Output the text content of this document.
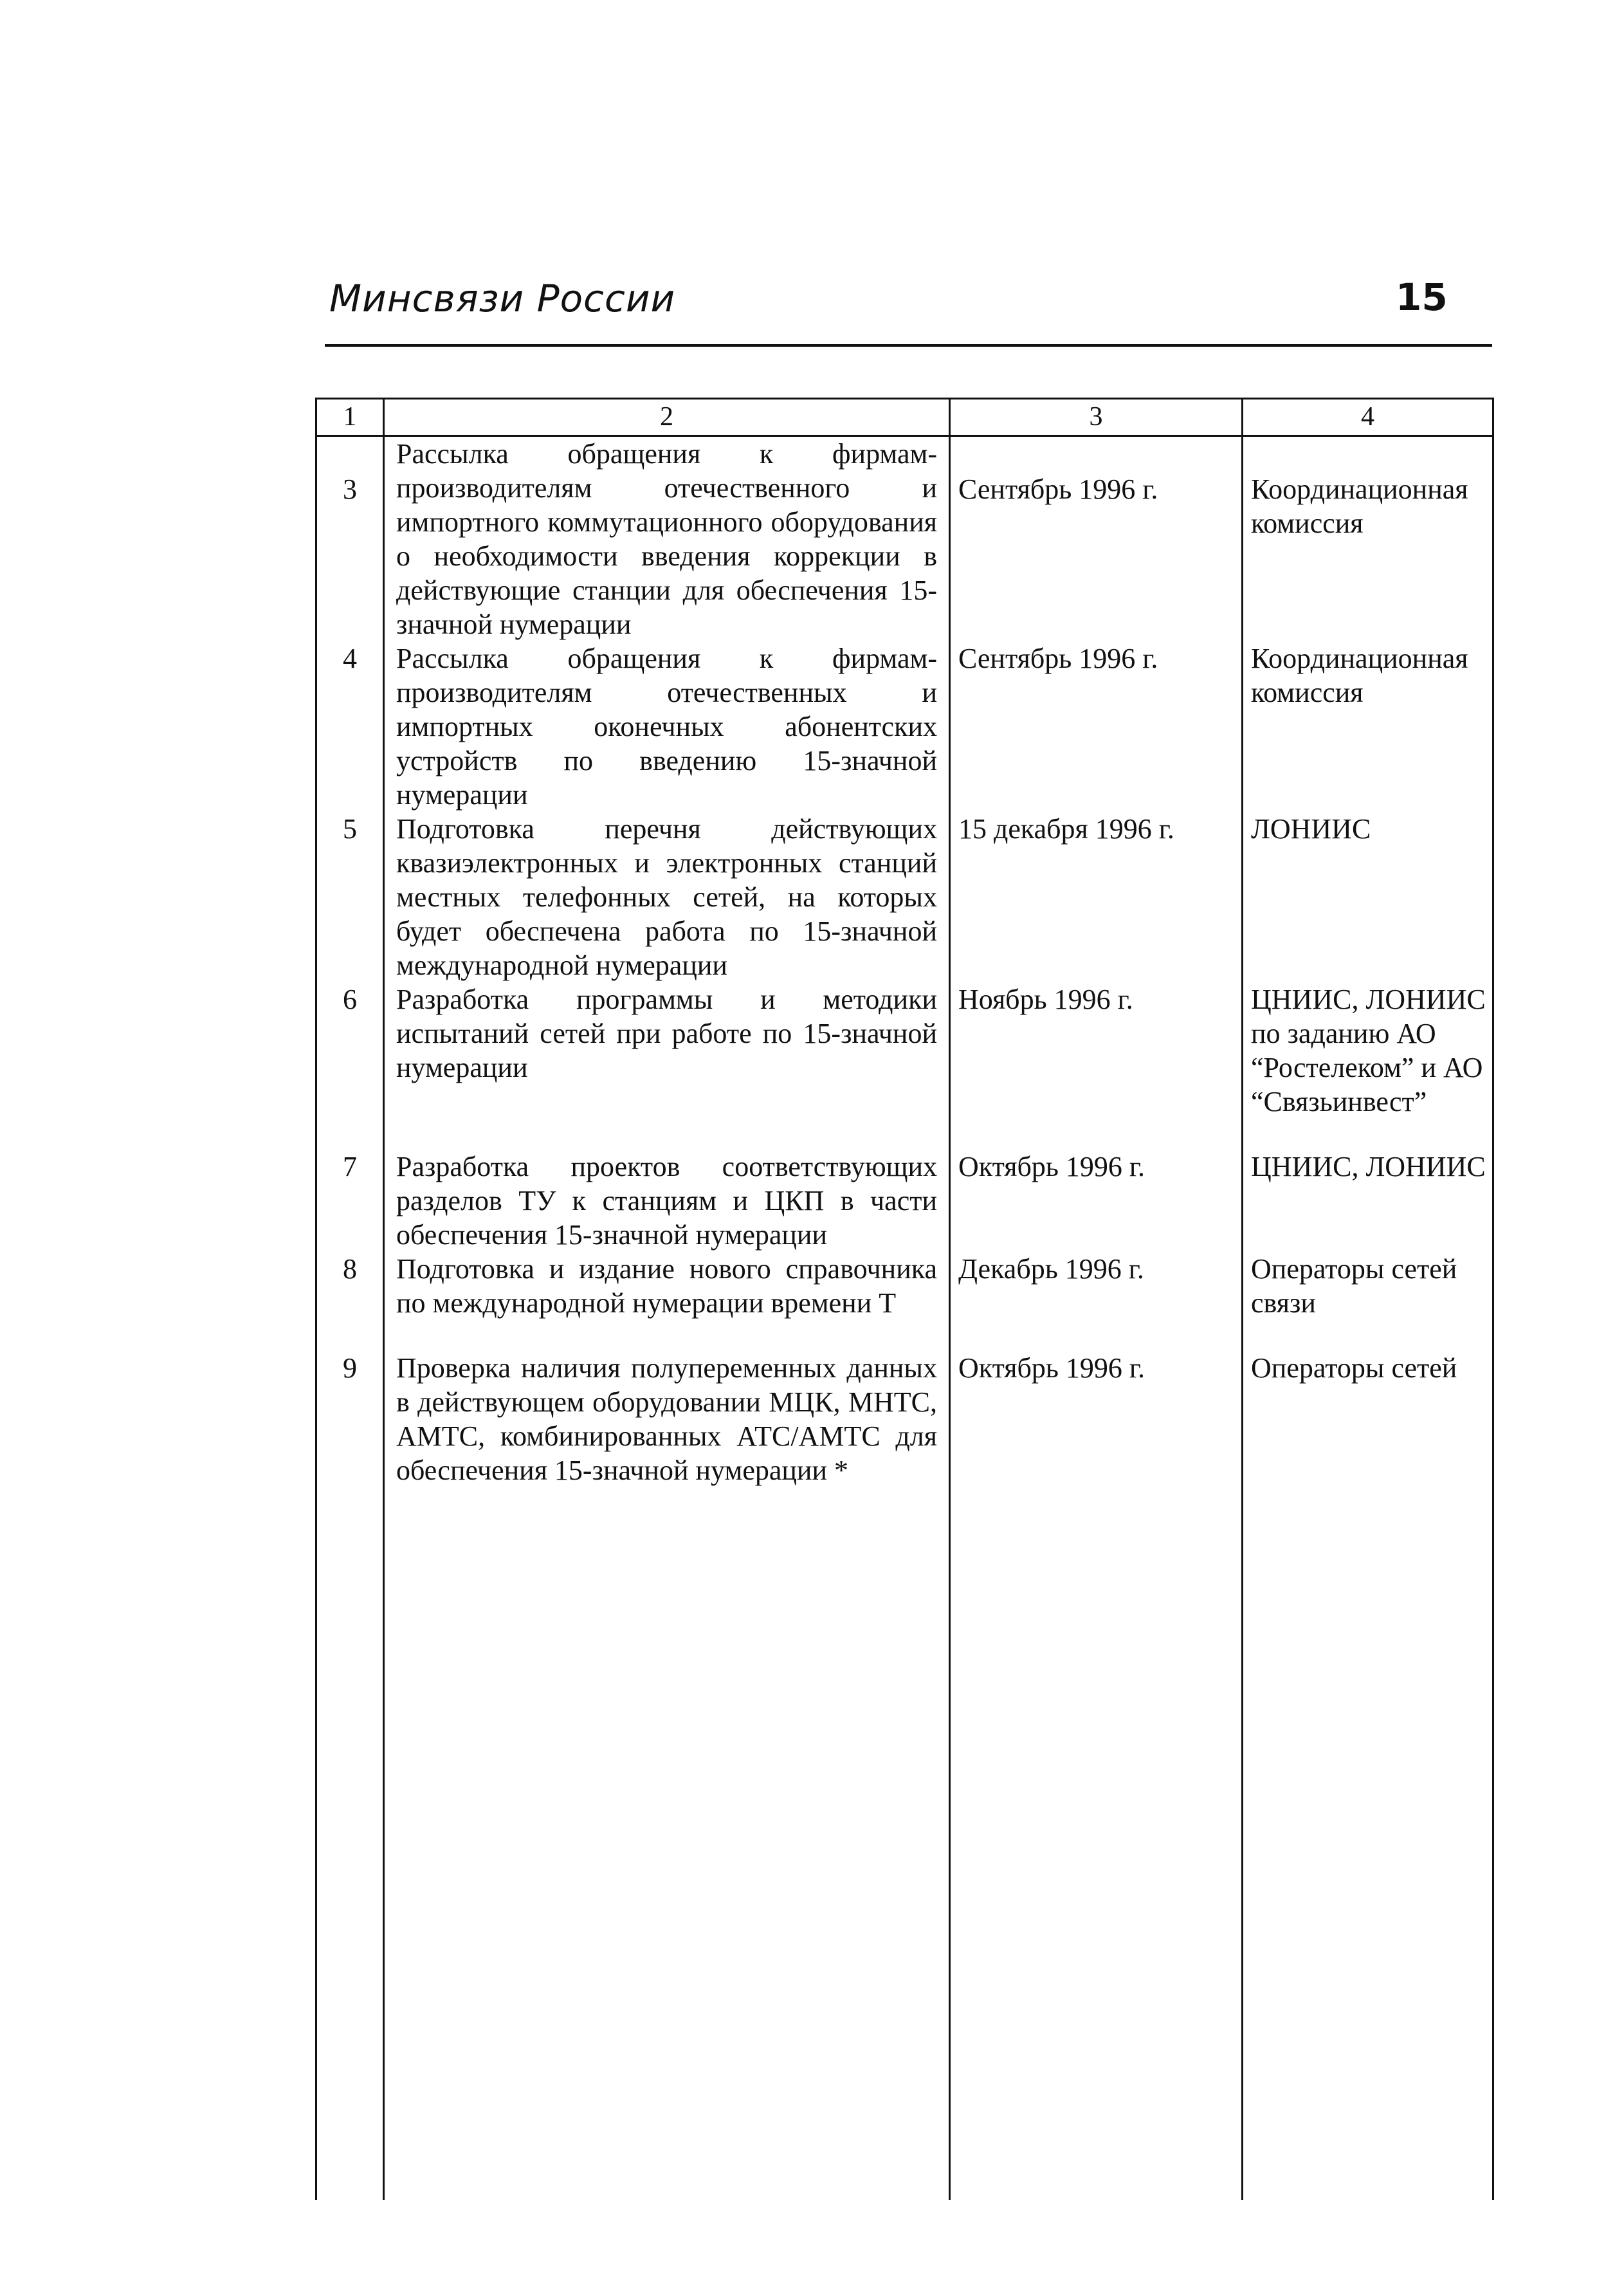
Минсвязи России	15
1	2	3	4
3	Рассылка обращения к фирмам-производителям отечественного и импортного коммутационного оборудования о необходимости введения коррекции в действующие станции для обеспечения 15-значной нумерации	Сентябрь 1996 г.	Координационная комиссия
4	Рассылка обращения к фирмам-производителям отечественных и импортных оконечных абонентских устройств по введению 15-значной нумерации	Сентябрь 1996 г.	Координационная комиссия
5	Подготовка перечня действующих квазиэлектронных и электронных станций местных телефонных сетей, на которых будет обеспечена работа по 15-значной международной нумерации	15 декабря 1996 г.	ЛОНИИС
6	Разработка программы и методики испытаний сетей при работе по 15-значной нумерации	Ноябрь 1996 г.	ЦНИИС, ЛОНИИС по заданию АО “Ростелеком” и АО “Связьинвест”
7	Разработка проектов соответствующих разделов ТУ к станциям и ЦКП в части обеспечения 15-значной нумерации	Октябрь 1996 г.	ЦНИИС, ЛОНИИС
8	Подготовка и издание нового справочника по международной нумерации времени Т	Декабрь 1996 г.	Операторы сетей связи
9	Проверка наличия полупеременных данных в действующем оборудовании МЦК, МНТС, АМТС, комбинированных АТС/АМТС для обеспечения 15-значной нумерации *	Октябрь 1996 г.	Операторы сетей
